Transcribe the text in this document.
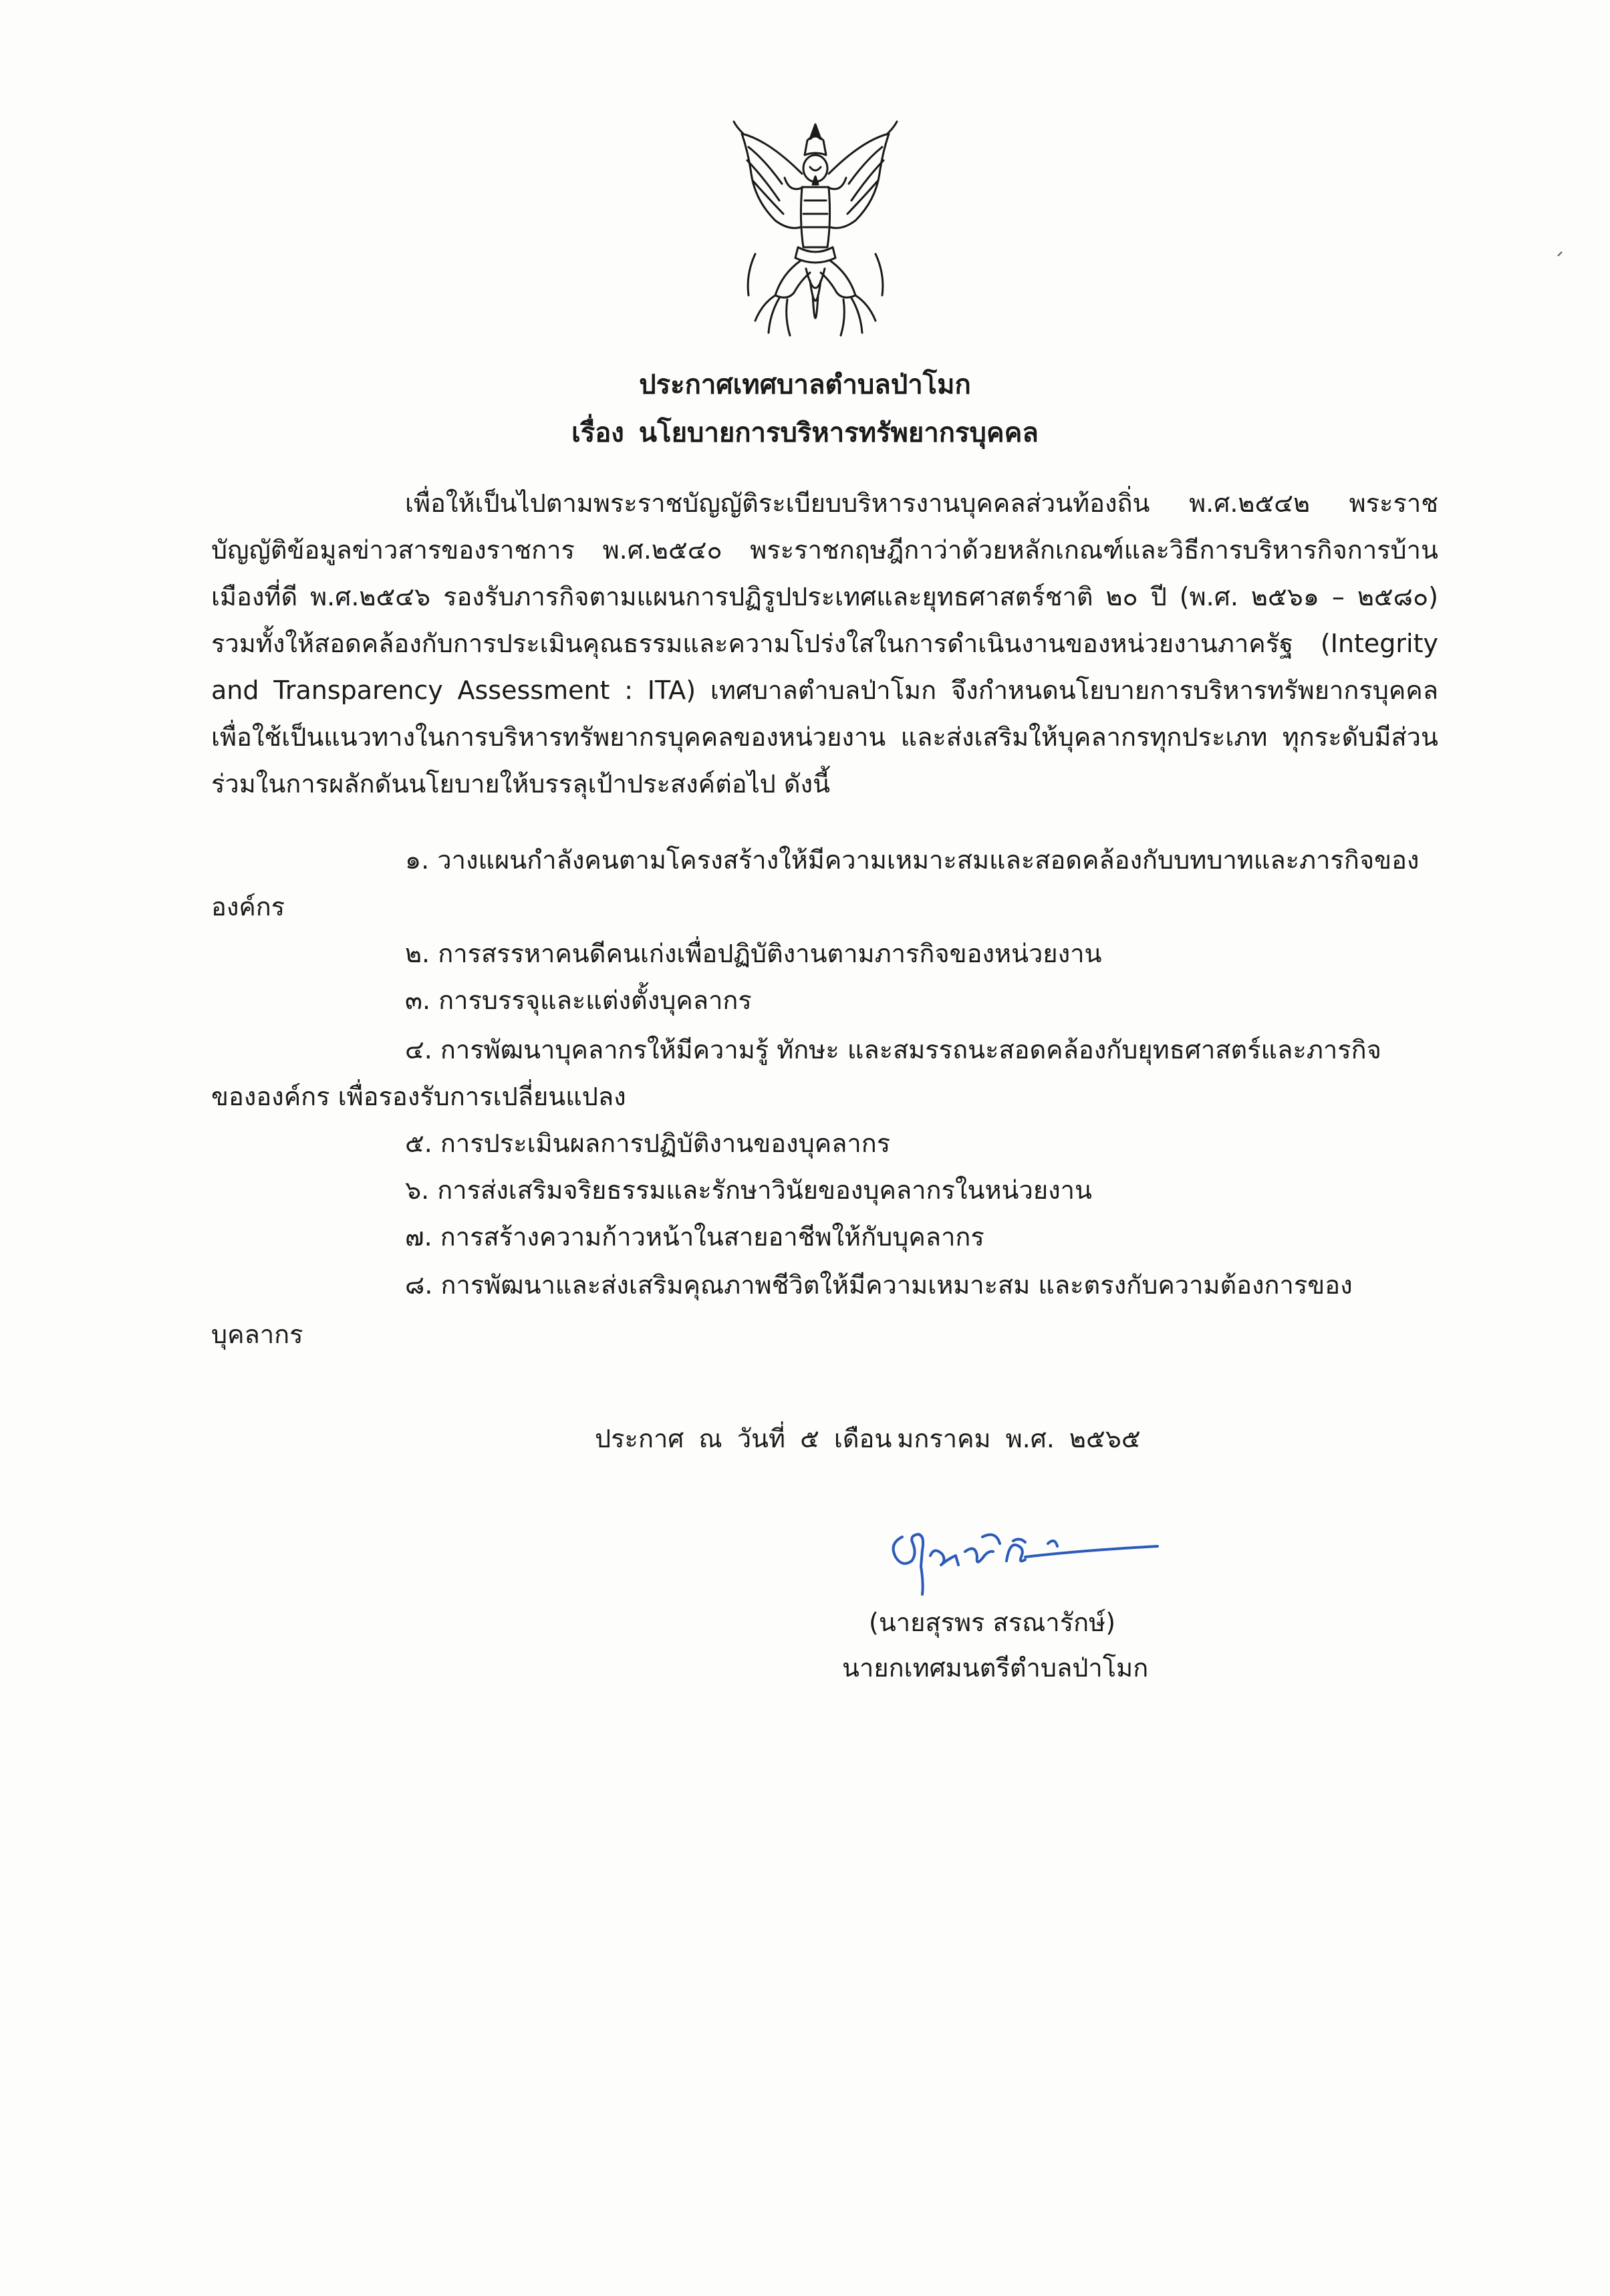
ประกาศเทศบาลตำบลป่าโมก
เรื่อง นโยบายการบริหารทรัพยากรบุคคล
เพื่อให้เป็นไปตามพระราชบัญญัติระเบียบบริหารงานบุคคลส่วนท้องถิ่น พ.ศ.๒๕๔๒ พระราชบัญญัติข้อมูลข่าวสารของราชการ พ.ศ.๒๕๔๐ พระราชกฤษฎีกาว่าด้วยหลักเกณฑ์และวิธีการบริหารกิจการบ้านเมืองที่ดี พ.ศ.๒๕๔๖ รองรับภารกิจตามแผนการปฏิรูปประเทศและยุทธศาสตร์ชาติ ๒๐ ปี (พ.ศ. ๒๕๖๑ – ๒๕๘๐) รวมทั้งให้สอดคล้องกับการประเมินคุณธรรมและความโปร่งใสในการดำเนินงานของหน่วยงานภาครัฐ (Integrity and Transparency Assessment : ITA) เทศบาลตำบลป่าโมก จึงกำหนดนโยบายการบริหารทรัพยากรบุคคล เพื่อใช้เป็นแนวทางในการบริหารทรัพยากรบุคคลของหน่วยงาน และส่งเสริมให้บุคลากรทุกประเภท ทุกระดับมีส่วนร่วมในการผลักดันนโยบายให้บรรลุเป้าประสงค์ต่อไป ดังนี้
๑. วางแผนกำลังคนตามโครงสร้างให้มีความเหมาะสมและสอดคล้องกับบทบาทและภารกิจของ
องค์กร
๒. การสรรหาคนดีคนเก่งเพื่อปฏิบัติงานตามภารกิจของหน่วยงาน
๓. การบรรจุและแต่งตั้งบุคลากร
๔. การพัฒนาบุคลากรให้มีความรู้ ทักษะ และสมรรถนะสอดคล้องกับยุทธศาสตร์และภารกิจ
ขององค์กร เพื่อรองรับการเปลี่ยนแปลง
๕. การประเมินผลการปฏิบัติงานของบุคลากร
๖. การส่งเสริมจริยธรรมและรักษาวินัยของบุคลากรในหน่วยงาน
๗. การสร้างความก้าวหน้าในสายอาชีพให้กับบุคลากร
๘. การพัฒนาและส่งเสริมคุณภาพชีวิตให้มีความเหมาะสม และตรงกับความต้องการของ
บุคลากร
ประกาศ ณ วันที่ ๕ เดือน มกราคม พ.ศ. ๒๕๖๕
(นายสุรพร สรณารักษ์)
นายกเทศมนตรีตำบลป่าโมก
